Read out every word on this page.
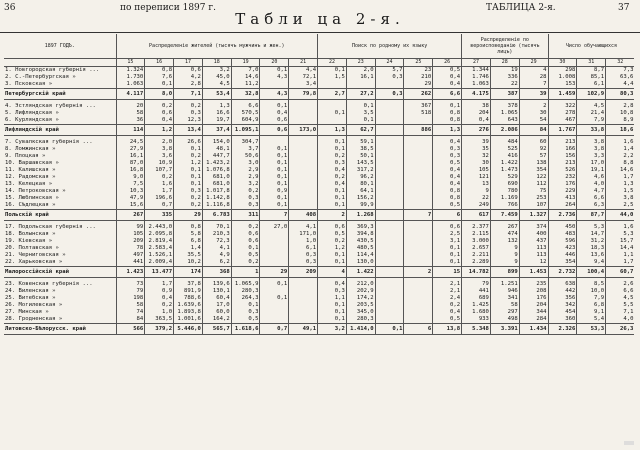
36	по переписи 1897 г.	ТАБЛИЦА 2-я.	37
Табли ца 2-я.
1897 ГОДЪ.	Распределенiе жителей (тысячъ мужчинъ и жен.)							Поиск по родному их языку					Распределенiе по вероисповеданiю (тысячъ лицъ)			Число обучающихся		
	15	16	17	18	19	20	21	22	23	24	25	26	27	28	29	30	31	32
1. Новгородская губернiя ...	1.324	0,8	0,6	3,2	7,0	0,1	4,4	0,1	2,0	5,7	23	0,5	1.344	19	4	298	8,7	7,3
2. С.-Петербургская »	1.730	7,6	4,2	45,0	14,6	4,3	72,1	1,5	16,1	0,3	210	0,4	1.746	336	28	1.008	85,1	63,6
3. Псковская »	1.063	0,1	2,8	4,5	11,2		3,4				29	0,4	1.063	22	7	153	6,1	4,4
Петербургскiй край	4.117	8,0	7,1	53,4	32,8	4,3	79,8	2,7	27,2	0,3	262	6,6	4.175	387	39	1.459	102,9	80,3

4. Эстляндская губернiя ...	20	0,2	0,2	1,3	6,6	0,1			0,1		367	0,1	38	378	2	322	4,5	2,8
5. Лифляндская »	58	0,6	0,3	16,6	570,5	0,4		0,1	3,5		518	0,8	204	1.065	30	278	21,4	10,8
6. Курляндская »	36	0,4	12,3	19,7	604,9	0,6			0,1			0,8	0,4	643	54	467	7,9	8,9
Лифляндскiй край	114	1,2	13,4	37,4	1.095,1	0,6	173,0	1,3	62,7		886	1,3	276	2.086	84	1.767	33,8	18,6

7. Сувалкская губернiя ...	24,5	2,0	26,6	154,0	304,7			0,1	59,1			0,4	39	484	60	213	3,8	1,6
8. Ломжинская »	27,9	3,8	0,1	48,1	3,7	0,1		0,1	38,5			0,3	35	525	92	166	3,8	1,4
9. Плоцкая »	16,1	3,6	0,2	447,7	50,6	0,1		0,2	50,1			0,3	32	416	57	156	3,3	2,2
10. Варшавская »	87,0	10,9	1,2	1.423,2	3,0	0,1		0,3	143,5			0,5	30	1.422	138	213	17,0	8,8
11. Калишская »	16,8	107,7	0,1	1.076,8	2,9	0,1		0,4	317,2			0,4	105	1.473	354	526	19,1	14,6
12. Радомская »	9,0	0,2	0,1	681,0	2,9	0,1		0,2	96,2			0,4	121	529	122	232	4,6	1,7
13. Келецкая »	7,5	1,6	0,1	681,0	3,2	0,1		0,4	80,1			0,4	13	690	112	176	4,0	1,3
14. Петроковская »	10,3	1,7	0,3	1.017,8	0,2	0,9		0,1	64,1			0,8	9	780	75	229	4,7	1,5
15. Люблинская »	47,9	196,6	0,2	1.142,8	0,3	0,1		0,1	156,2			0,8	22	1.169	253	413	6,6	3,8
16. Сѣдлецкая »	15,6	0,7	0,2	1.116,8	0,3	0,1		0,1	99,9			0,5	249	766	107	264	6,3	2,5
Польскiй край	267	335	29	6.783	311	7	408	2	1.268		7	6	617	7.459	1.327	2.736	87,7	44,0

17. Подольская губернiя ...	99	2.443,0	0,8	70,1	0,2	27,0	4,1	0,6	369,3			0,6	2.377	267	374	450	5,3	1,6
18. Волынская »	105	2.095,8	5,8	210,3	0,6		171,0	0,5	394,8			2,5	2.115	474	400	483	14,7	5,3
19. Кiевская »	209	2.819,4	6,8	72,3	0,6		1,0	0,2	430,5			3,1	3.000	132	437	596	31,2	15,7
20. Полтавская »	78	2.583,4	1,4	4,1	0,1		6,1	1,2	480,5			0,1	2.657	9	113	423	18,3	14,4
21. Черниговская »	497	1.526,1	35,5	4,9	0,5		0,3	0,1	114,4			0,1	2.211	9	113	446	13,6	1,1
22. Харьковская »	441	2.009,4	10,2	6,2	0,2		0,3	0,1	130,0			0,1	2.289	9	12	354	9,4	1,7
Малороссiйскiй край	1.423	13.477	174	368	1	29	209	4	1.422		2	15	14.782	899	1.453	2.732	100,4	60,7

23. Ковенская губернiя ...	73	1,7	37,8	139,6	1.065,9	0,1		0,4	212,0			2,1	79	1.251	235	638	8,5	2,6
24. Виленская »	79	0,9	891,9	130,1	280,3			0,3	202,9			2,1	441	946	208	442	10,0	6,6
25. Витебская »	198	0,4	788,6	60,4	264,3	0,1		1,1	174,2			2,4	689	341	176	356	7,9	4,5
26. Могилевская »	58	0,2	1.639,6	17,0	0,1			0,1	203,5			0,2	1.425	58	204	342	6,8	5,5
27. Минская »	74	1,0	1.893,8	60,0	0,3			0,1	345,0			0,4	1.680	297	344	454	9,1	7,1
28. Гродненская »	84	363,5	1.001,6	164,2	0,5			0,1	280,3			0,5	933	498	284	360	5,4	4,0
Литовско-Бѣлорусск. край	566	379,2	5.446,0	565,7	1.618,6	0,7	49,1	3,2	1.414,0	0,1	6	13,8	5.348	3.391	1.434	2.326	53,3	26,3
